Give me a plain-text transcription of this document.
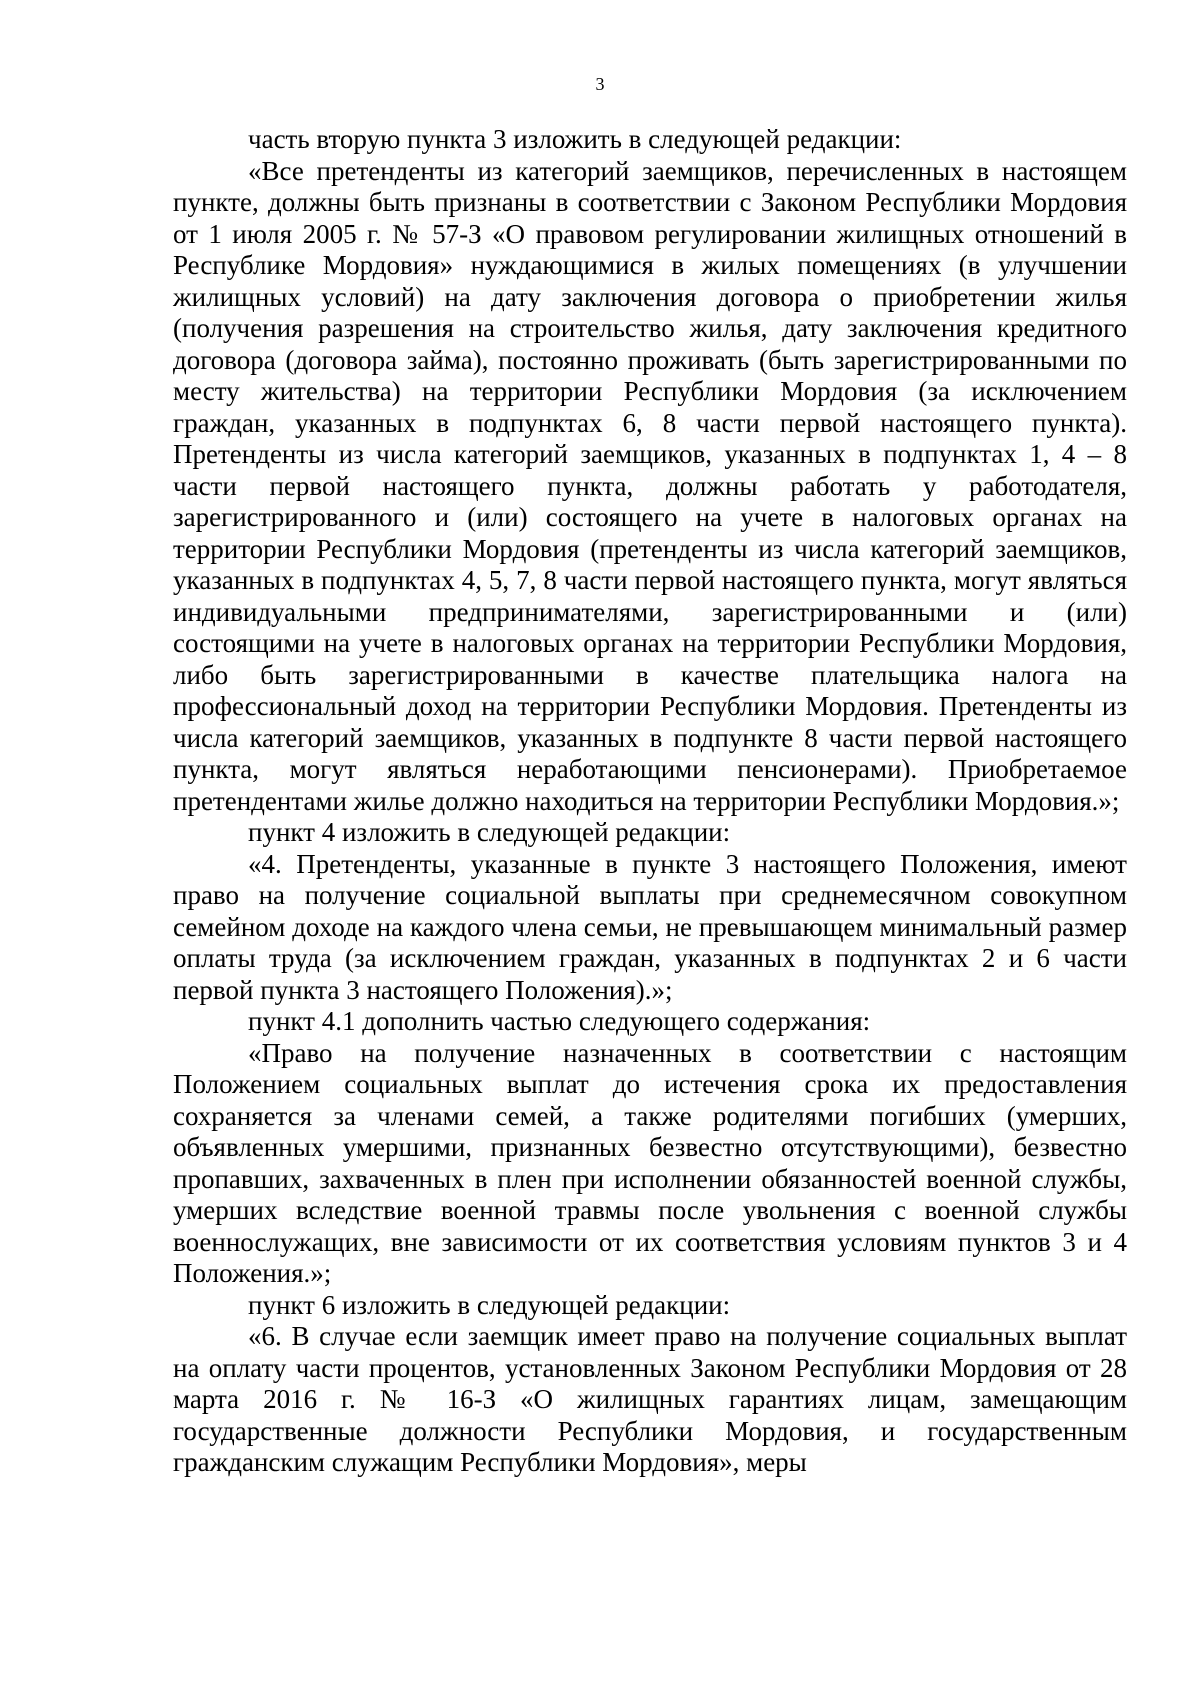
3

часть вторую пункта 3 изложить в следующей редакции:

«Все претенденты из категорий заемщиков, перечисленных в настоящем пункте, должны быть признаны в соответствии с Законом Республики Мордовия от 1 июля 2005 г. № 57-З «О правовом регулировании жилищных отношений в Республике Мордовия» нуждающимися в жилых помещениях (в улучшении жилищных условий) на дату заключения договора о приобретении жилья (получения разрешения на строительство жилья, дату заключения кредитного договора (договора займа), постоянно проживать (быть зарегистрированными по месту жительства) на территории Республики Мордовия (за исключением граждан, указанных в подпунктах 6, 8 части первой настоящего пункта). Претенденты из числа категорий заемщиков, указанных в подпунктах 1, 4 – 8 части первой настоящего пункта, должны работать у работодателя, зарегистрированного и (или) состоящего на учете в налоговых органах на территории Республики Мордовия (претенденты из числа категорий заемщиков, указанных в подпунктах 4, 5, 7, 8 части первой настоящего пункта, могут являться индивидуальными предпринимателями, зарегистрированными и (или) состоящими на учете в налоговых органах на территории Республики Мордовия, либо быть зарегистрированными в качестве плательщика налога на профессиональный доход на территории Республики Мордовия. Претенденты из числа категорий заемщиков, указанных в подпункте 8 части первой настоящего пункта, могут являться неработающими пенсионерами). Приобретаемое претендентами жилье должно находиться на территории Республики Мордовия.»;

пункт 4 изложить в следующей редакции:

«4. Претенденты, указанные в пункте 3 настоящего Положения, имеют право на получение социальной выплаты при среднемесячном совокупном семейном доходе на каждого члена семьи, не превышающем минимальный размер оплаты труда (за исключением граждан, указанных в подпунктах 2 и 6 части первой пункта 3 настоящего Положения).»;

пункт 4.1 дополнить частью следующего содержания:

«Право на получение назначенных в соответствии с настоящим Положением социальных выплат до истечения срока их предоставления сохраняется за членами семей, а также родителями погибших (умерших, объявленных умершими, признанных безвестно отсутствующими), безвестно пропавших, захваченных в плен при исполнении обязанностей военной службы, умерших вследствие военной травмы после увольнения с военной службы военнослужащих, вне зависимости от их соответствия условиям пунктов 3 и 4 Положения.»;

пункт 6 изложить в следующей редакции:

«6. В случае если заемщик имеет право на получение социальных выплат на оплату части процентов, установленных Законом Республики Мордовия от 28 марта 2016 г. № 16-З «О жилищных гарантиях лицам, замещающим государственные должности Республики Мордовия, и государственным гражданским служащим Республики Мордовия», меры
